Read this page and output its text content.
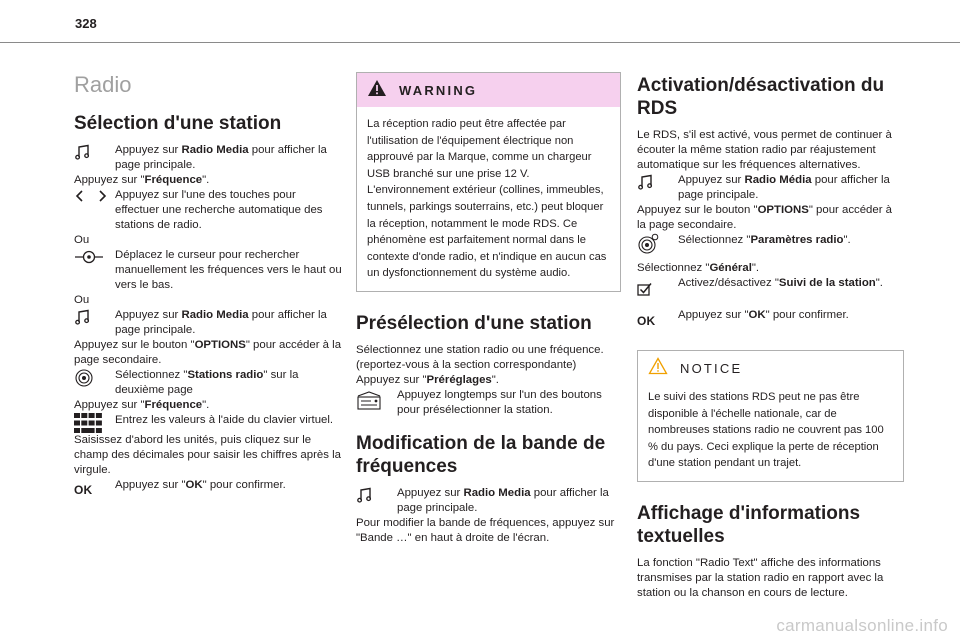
328
Radio
Sélection d'une station
Appuyez sur Radio Media pour afficher la page principale.
Appuyez sur "Fréquence".
Appuyez sur l'une des touches pour effectuer une recherche automatique des stations de radio.
Ou
Déplacez le curseur pour rechercher manuellement les fréquences vers le haut ou vers le bas.
Ou
Appuyez sur Radio Media pour afficher la page principale.
Appuyez sur le bouton "OPTIONS" pour accéder à la page secondaire.
Sélectionnez "Stations radio" sur la deuxième page
Appuyez sur "Fréquence".
Entrez les valeurs à l'aide du clavier virtuel.
Saisissez d'abord les unités, puis cliquez sur le champ des décimales pour saisir les chiffres après la virgule.
OK Appuyez sur "OK" pour confirmer.
WARNING
La réception radio peut être affectée par l'utilisation de l'équipement électrique non approuvé par la Marque, comme un chargeur USB branché sur une prise 12 V. L'environnement extérieur (collines, immeubles, tunnels, parkings souterrains, etc.) peut bloquer la réception, notamment le mode RDS. Ce phénomène est parfaitement normal dans le contexte d'onde radio, et n'indique en aucun cas un dysfonctionnement du système audio.
Présélection d'une station
Sélectionnez une station radio ou une fréquence.
(reportez-vous à la section correspondante)
Appuyez sur "Préréglages".
Appuyez longtemps sur l'un des boutons pour présélectionner la station.
Modification de la bande de fréquences
Appuyez sur Radio Media pour afficher la page principale.
Pour modifier la bande de fréquences, appuyez sur "Bande …" en haut à droite de l'écran.
Activation/désactivation du RDS
Le RDS, s'il est activé, vous permet de continuer à écouter la même station radio par réajustement automatique sur les fréquences alternatives.
Appuyez sur Radio Média pour afficher la page principale.
Appuyez sur le bouton "OPTIONS" pour accéder à la page secondaire.
Sélectionnez "Paramètres radio".
Sélectionnez "Général".
Activez/désactivez "Suivi de la station".
OK Appuyez sur "OK" pour confirmer.
NOTICE
Le suivi des stations RDS peut ne pas être disponible à l'échelle nationale, car de nombreuses stations radio ne couvrent pas 100 % du pays. Ceci explique la perte de réception d'une station pendant un trajet.
Affichage d'informations textuelles
La fonction "Radio Text" affiche des informations transmises par la station radio en rapport avec la station ou la chanson en cours de lecture.
carmanualsonline.info
